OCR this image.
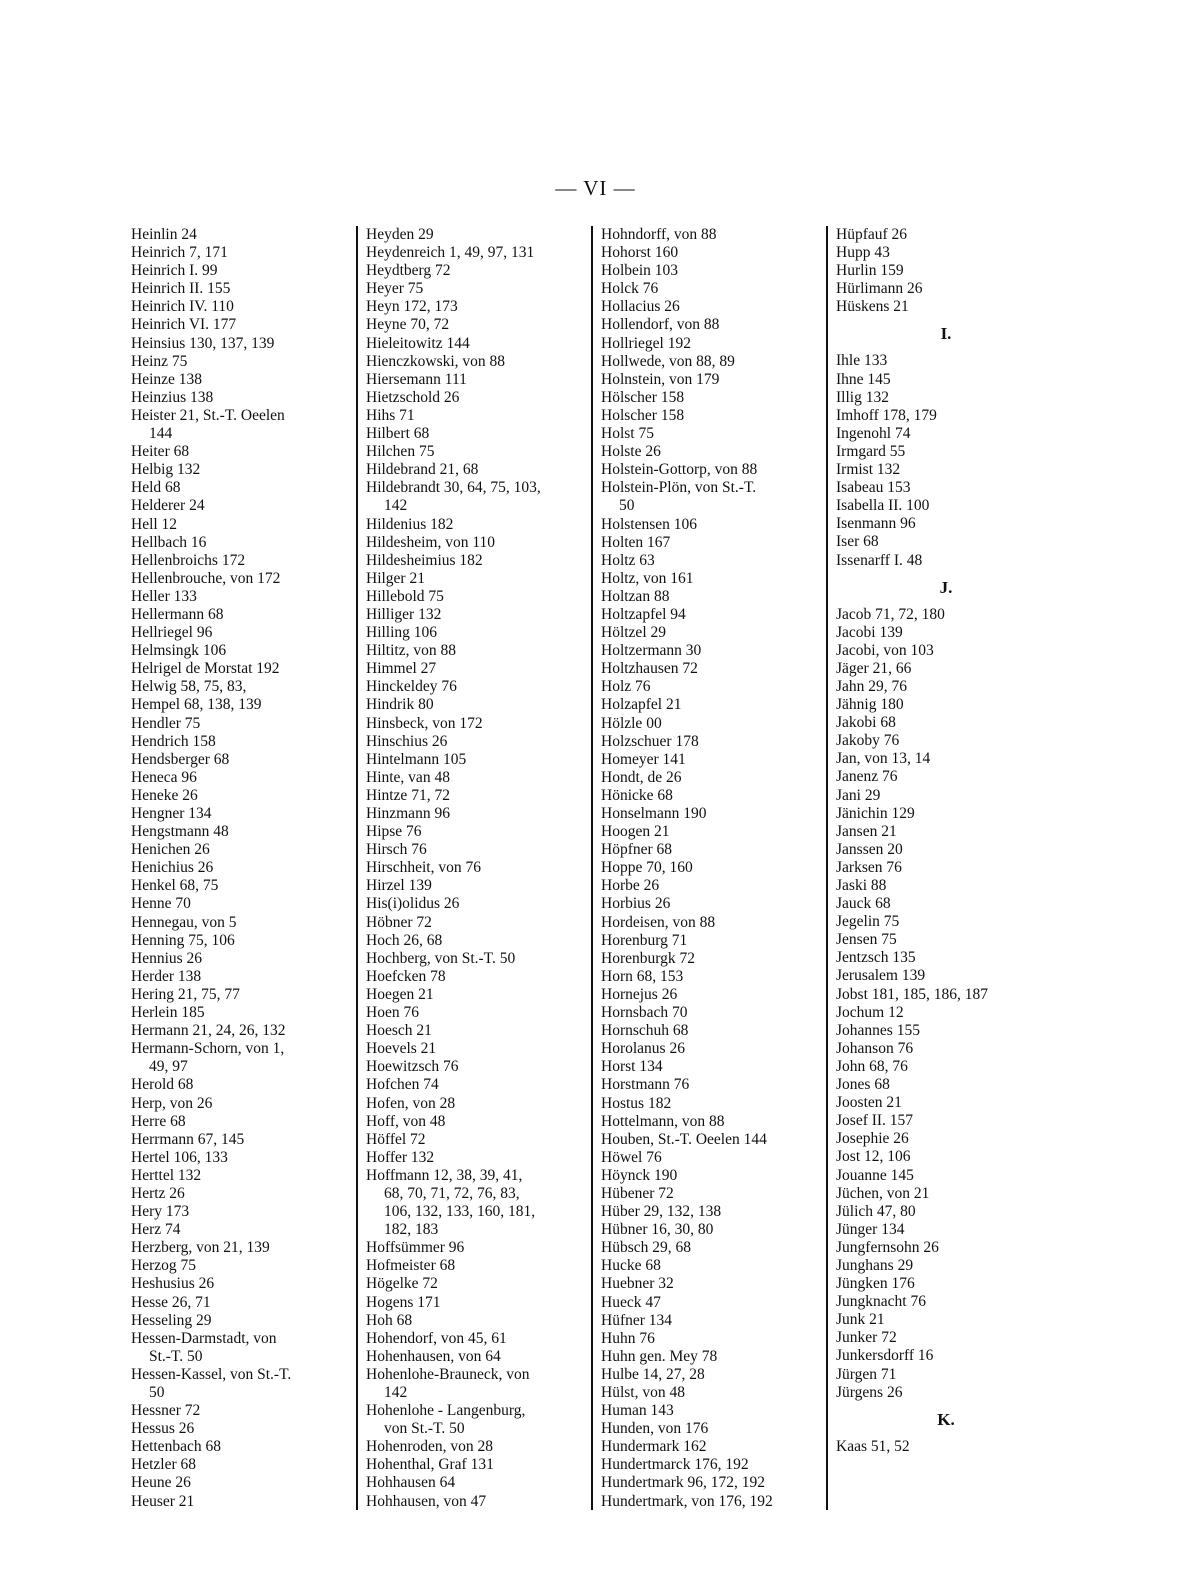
— VI —
Heinlin 24
Heinrich 7, 171
Heinrich I. 99
Heinrich II. 155
Heinrich IV. 110
Heinrich VI. 177
Heinsius 130, 137, 139
Heinz 75
Heinze 138
Heinzius 138
Heister 21, St.-T. Oeelen
144
Heiter 68
Helbig 132
Held 68
Helderer 24
Hell 12
Hellbach 16
Hellenbroichs 172
Hellenbrouche, von 172
Heller 133
Hellermann 68
Hellriegel 96
Helmsingk 106
Helrigel de Morstat 192
Helwig 58, 75, 83,
Hempel 68, 138, 139
Hendler 75
Hendrich 158
Hendsberger 68
Heneca 96
Heneke 26
Hengner 134
Hengstmann 48
Henichen 26
Henichius 26
Henkel 68, 75
Henne 70
Hennegau, von 5
Henning 75, 106
Hennius 26
Herder 138
Hering 21, 75, 77
Herlein 185
Hermann 21, 24, 26, 132
Hermann-Schorn, von 1,
49, 97
Herold 68
Herp, von 26
Herre 68
Herrmann 67, 145
Hertel 106, 133
Herttel 132
Hertz 26
Hery 173
Herz 74
Herzberg, von 21, 139
Herzog 75
Heshusius 26
Hesse 26, 71
Hesseling 29
Hessen-Darmstadt, von
St.-T. 50
Hessen-Kassel, von St.-T.
50
Hessner 72
Hessus 26
Hettenbach 68
Hetzler 68
Heune 26
Heuser 21
Heyden 29
Heydenreich 1, 49, 97, 131
Heydtberg 72
Heyer 75
Heyn 172, 173
Heyne 70, 72
Hieleitowitz 144
Hienczkowski, von 88
Hiersemann 111
Hietzschold 26
Hihs 71
Hilbert 68
Hilchen 75
Hildebrand 21, 68
Hildebrandt 30, 64, 75, 103,
142
Hildenius 182
Hildesheim, von 110
Hildesheimius 182
Hilger 21
Hillebold 75
Hilliger 132
Hilling 106
Hiltitz, von 88
Himmel 27
Hinckeldey 76
Hindrik 80
Hinsbeck, von 172
Hinschius 26
Hintelmann 105
Hinte, van 48
Hintze 71, 72
Hinzmann 96
Hipse 76
Hirsch 76
Hirschheit, von 76
Hirzel 139
His(i)olidus 26
Höbner 72
Hoch 26, 68
Hochberg, von St.-T. 50
Hoefcken 78
Hoegen 21
Hoen 76
Hoesch 21
Hoevels 21
Hoewitzsch 76
Hofchen 74
Hofen, von 28
Hoff, von 48
Höffel 72
Hoffer 132
Hoffmann 12, 38, 39, 41,
68, 70, 71, 72, 76, 83,
106, 132, 133, 160, 181,
182, 183
Hoffsümmer 96
Hofmeister 68
Högelke 72
Hogens 171
Hoh 68
Hohendorf, von 45, 61
Hohenhausen, von 64
Hohenlohe-Brauneck, von
142
Hohenlohe - Langenburg,
von St.-T. 50
Hohenroden, von 28
Hohenthal, Graf 131
Hohhausen 64
Hohhausen, von 47
Hohndorff, von 88
Hohorst 160
Holbein 103
Holck 76
Hollacius 26
Hollendorf, von 88
Hollriegel 192
Hollwede, von 88, 89
Holnstein, von 179
Hölscher 158
Holscher 158
Holst 75
Holste 26
Holstein-Gottorp, von 88
Holstein-Plön, von St.-T.
50
Holstensen 106
Holten 167
Holtz 63
Holtz, von 161
Holtzan 88
Holtzapfel 94
Höltzel 29
Holtzermann 30
Holtzhausen 72
Holz 76
Holzapfel 21
Hölzle 00
Holzschuer 178
Homeyer 141
Hondt, de 26
Hönicke 68
Honselmann 190
Hoogen 21
Höpfner 68
Hoppe 70, 160
Horbe 26
Horbius 26
Hordeisen, von 88
Horenburg 71
Horenburgk 72
Horn 68, 153
Hornejus 26
Hornsbach 70
Hornschuh 68
Horolanus 26
Horst 134
Horstmann 76
Hostus 182
Hottelmann, von 88
Houben, St.-T. Oeelen 144
Höwel 76
Höynck 190
Hübener 72
Hüber 29, 132, 138
Hübner 16, 30, 80
Hübsch 29, 68
Hucke 68
Huebner 32
Hueck 47
Hüfner 134
Huhn 76
Huhn gen. Mey 78
Hulbe 14, 27, 28
Hülst, von 48
Human 143
Hunden, von 176
Hundermark 162
Hundertmarck 176, 192
Hundertmark 96, 172, 192
Hundertmark, von 176, 192
Hüpfauf 26
Hupp 43
Hurlin 159
Hürlimann 26
Hüskens 21
I.
Ihle 133
Ihne 145
Illig 132
Imhoff 178, 179
Ingenohl 74
Irmgard 55
Irmist 132
Isabeau 153
Isabella II. 100
Isenmann 96
Iser 68
Issenarff I. 48
J.
Jacob 71, 72, 180
Jacobi 139
Jacobi, von 103
Jäger 21, 66
Jahn 29, 76
Jähnig 180
Jakobi 68
Jakoby 76
Jan, von 13, 14
Janenz 76
Jani 29
Jänichin 129
Jansen 21
Janssen 20
Jarksen 76
Jaski 88
Jauck 68
Jegelin 75
Jensen 75
Jentzsch 135
Jerusalem 139
Jobst 181, 185, 186, 187
Jochum 12
Johannes 155
Johanson 76
John 68, 76
Jones 68
Joosten 21
Josef II. 157
Josephie 26
Jost 12, 106
Jouanne 145
Jüchen, von 21
Jülich 47, 80
Jünger 134
Jungfernsohn 26
Junghans 29
Jüngken 176
Jungknacht 76
Junk 21
Junker 72
Junkersdorff 16
Jürgen 71
Jürgens 26
K.
Kaas 51, 52
